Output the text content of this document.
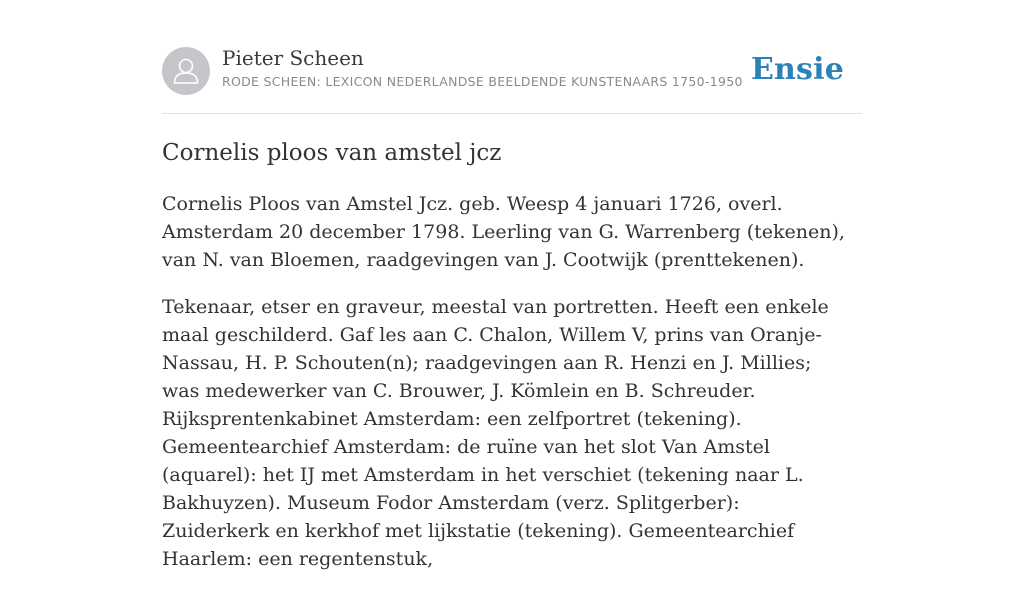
Pieter Scheen
RODE SCHEEN: LEXICON NEDERLANDSE BEELDENDE KUNSTENAARS 1750-1950 Ensie
Cornelis ploos van amstel jcz

Cornelis Ploos van Amstel Jcz. geb. Weesp 4 januari 1726, overl. Amsterdam 20 december 1798. Leerling van G. Warrenberg (tekenen), van N. van Bloemen, raadgevingen van J. Cootwijk (prenttekenen).

Tekenaar, etser en graveur, meestal van portretten. Heeft een enkele maal geschilderd. Gaf les aan C. Chalon, Willem V, prins van Oranje-Nassau, H. P. Schouten(n); raadgevingen aan R. Henzi en J. Millies; was medewerker van C. Brouwer, J. Kömlein en B. Schreuder. Rijksprentenkabinet Amsterdam: een zelfportret (tekening). Gemeentearchief Amsterdam: de ruïne van het slot Van Amstel (aquarel): het IJ met Amsterdam in het verschiet (tekening naar L. Bakhuyzen). Museum Fodor Amsterdam (verz. Splitgerber): Zuiderkerk en kerkhof met lijkstatie (tekening). Gemeentearchief Haarlem: een regentenstuk,
